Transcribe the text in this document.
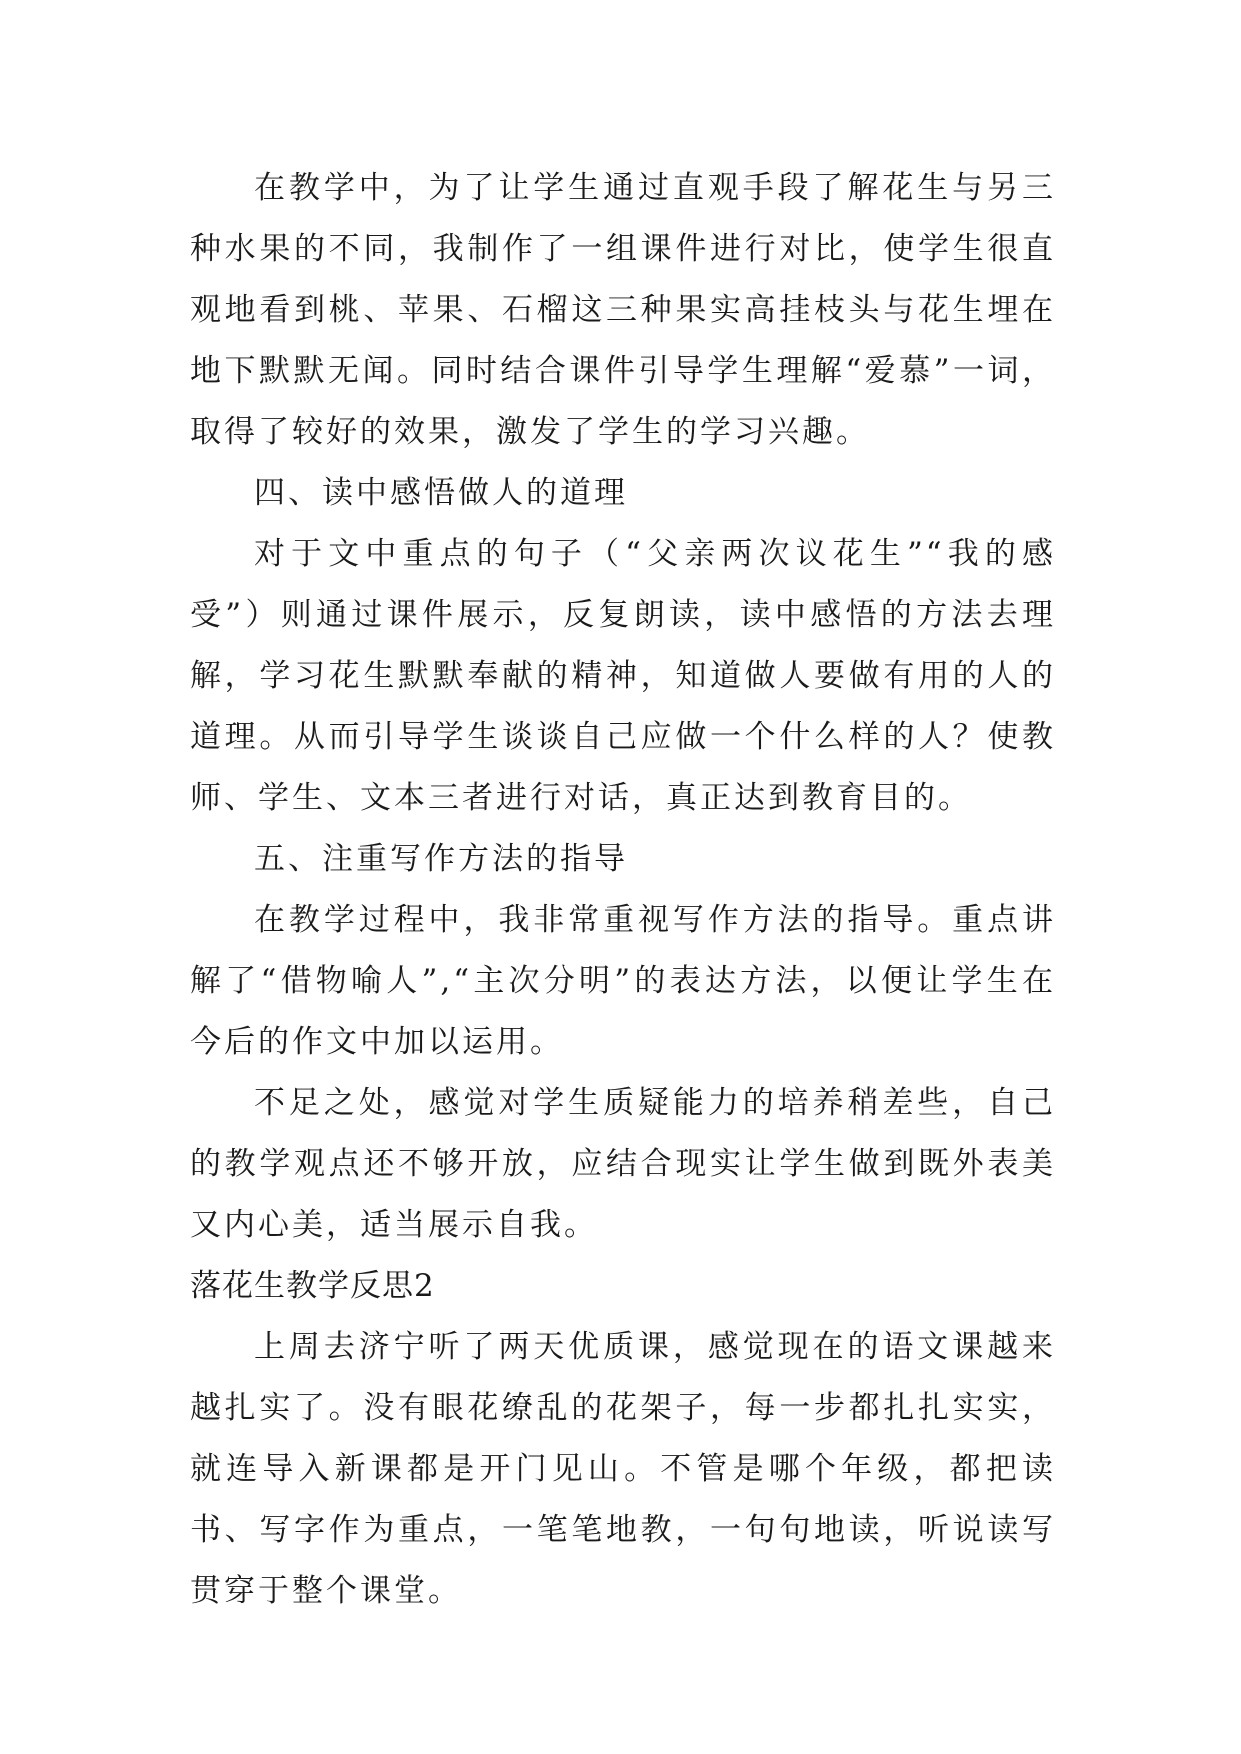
在教学中，为了让学生通过直观手段了解花生与另三种水果的不同，我制作了一组课件进行对比，使学生很直观地看到桃、苹果、石榴这三种果实高挂枝头与花生埋在地下默默无闻。同时结合课件引导学生理解“爱慕”一词，取得了较好的效果，激发了学生的学习兴趣。

四、读中感悟做人的道理

对于文中重点的句子（“父亲两次议花生”“我的感受”）则通过课件展示，反复朗读，读中感悟的方法去理解，学习花生默默奉献的精神，知道做人要做有用的人的道理。从而引导学生谈谈自己应做一个什么样的人？使教师、学生、文本三者进行对话，真正达到教育目的。

五、注重写作方法的指导

在教学过程中，我非常重视写作方法的指导。重点讲解了“借物喻人”,“主次分明”的表达方法，以便让学生在今后的作文中加以运用。

不足之处，感觉对学生质疑能力的培养稍差些，自己的教学观点还不够开放，应结合现实让学生做到既外表美又内心美，适当展示自我。

落花生教学反思2

上周去济宁听了两天优质课，感觉现在的语文课越来越扎实了。没有眼花缭乱的花架子，每一步都扎扎实实，就连导入新课都是开门见山。不管是哪个年级，都把读书、写字作为重点，一笔笔地教，一句句地读，听说读写贯穿于整个课堂。
